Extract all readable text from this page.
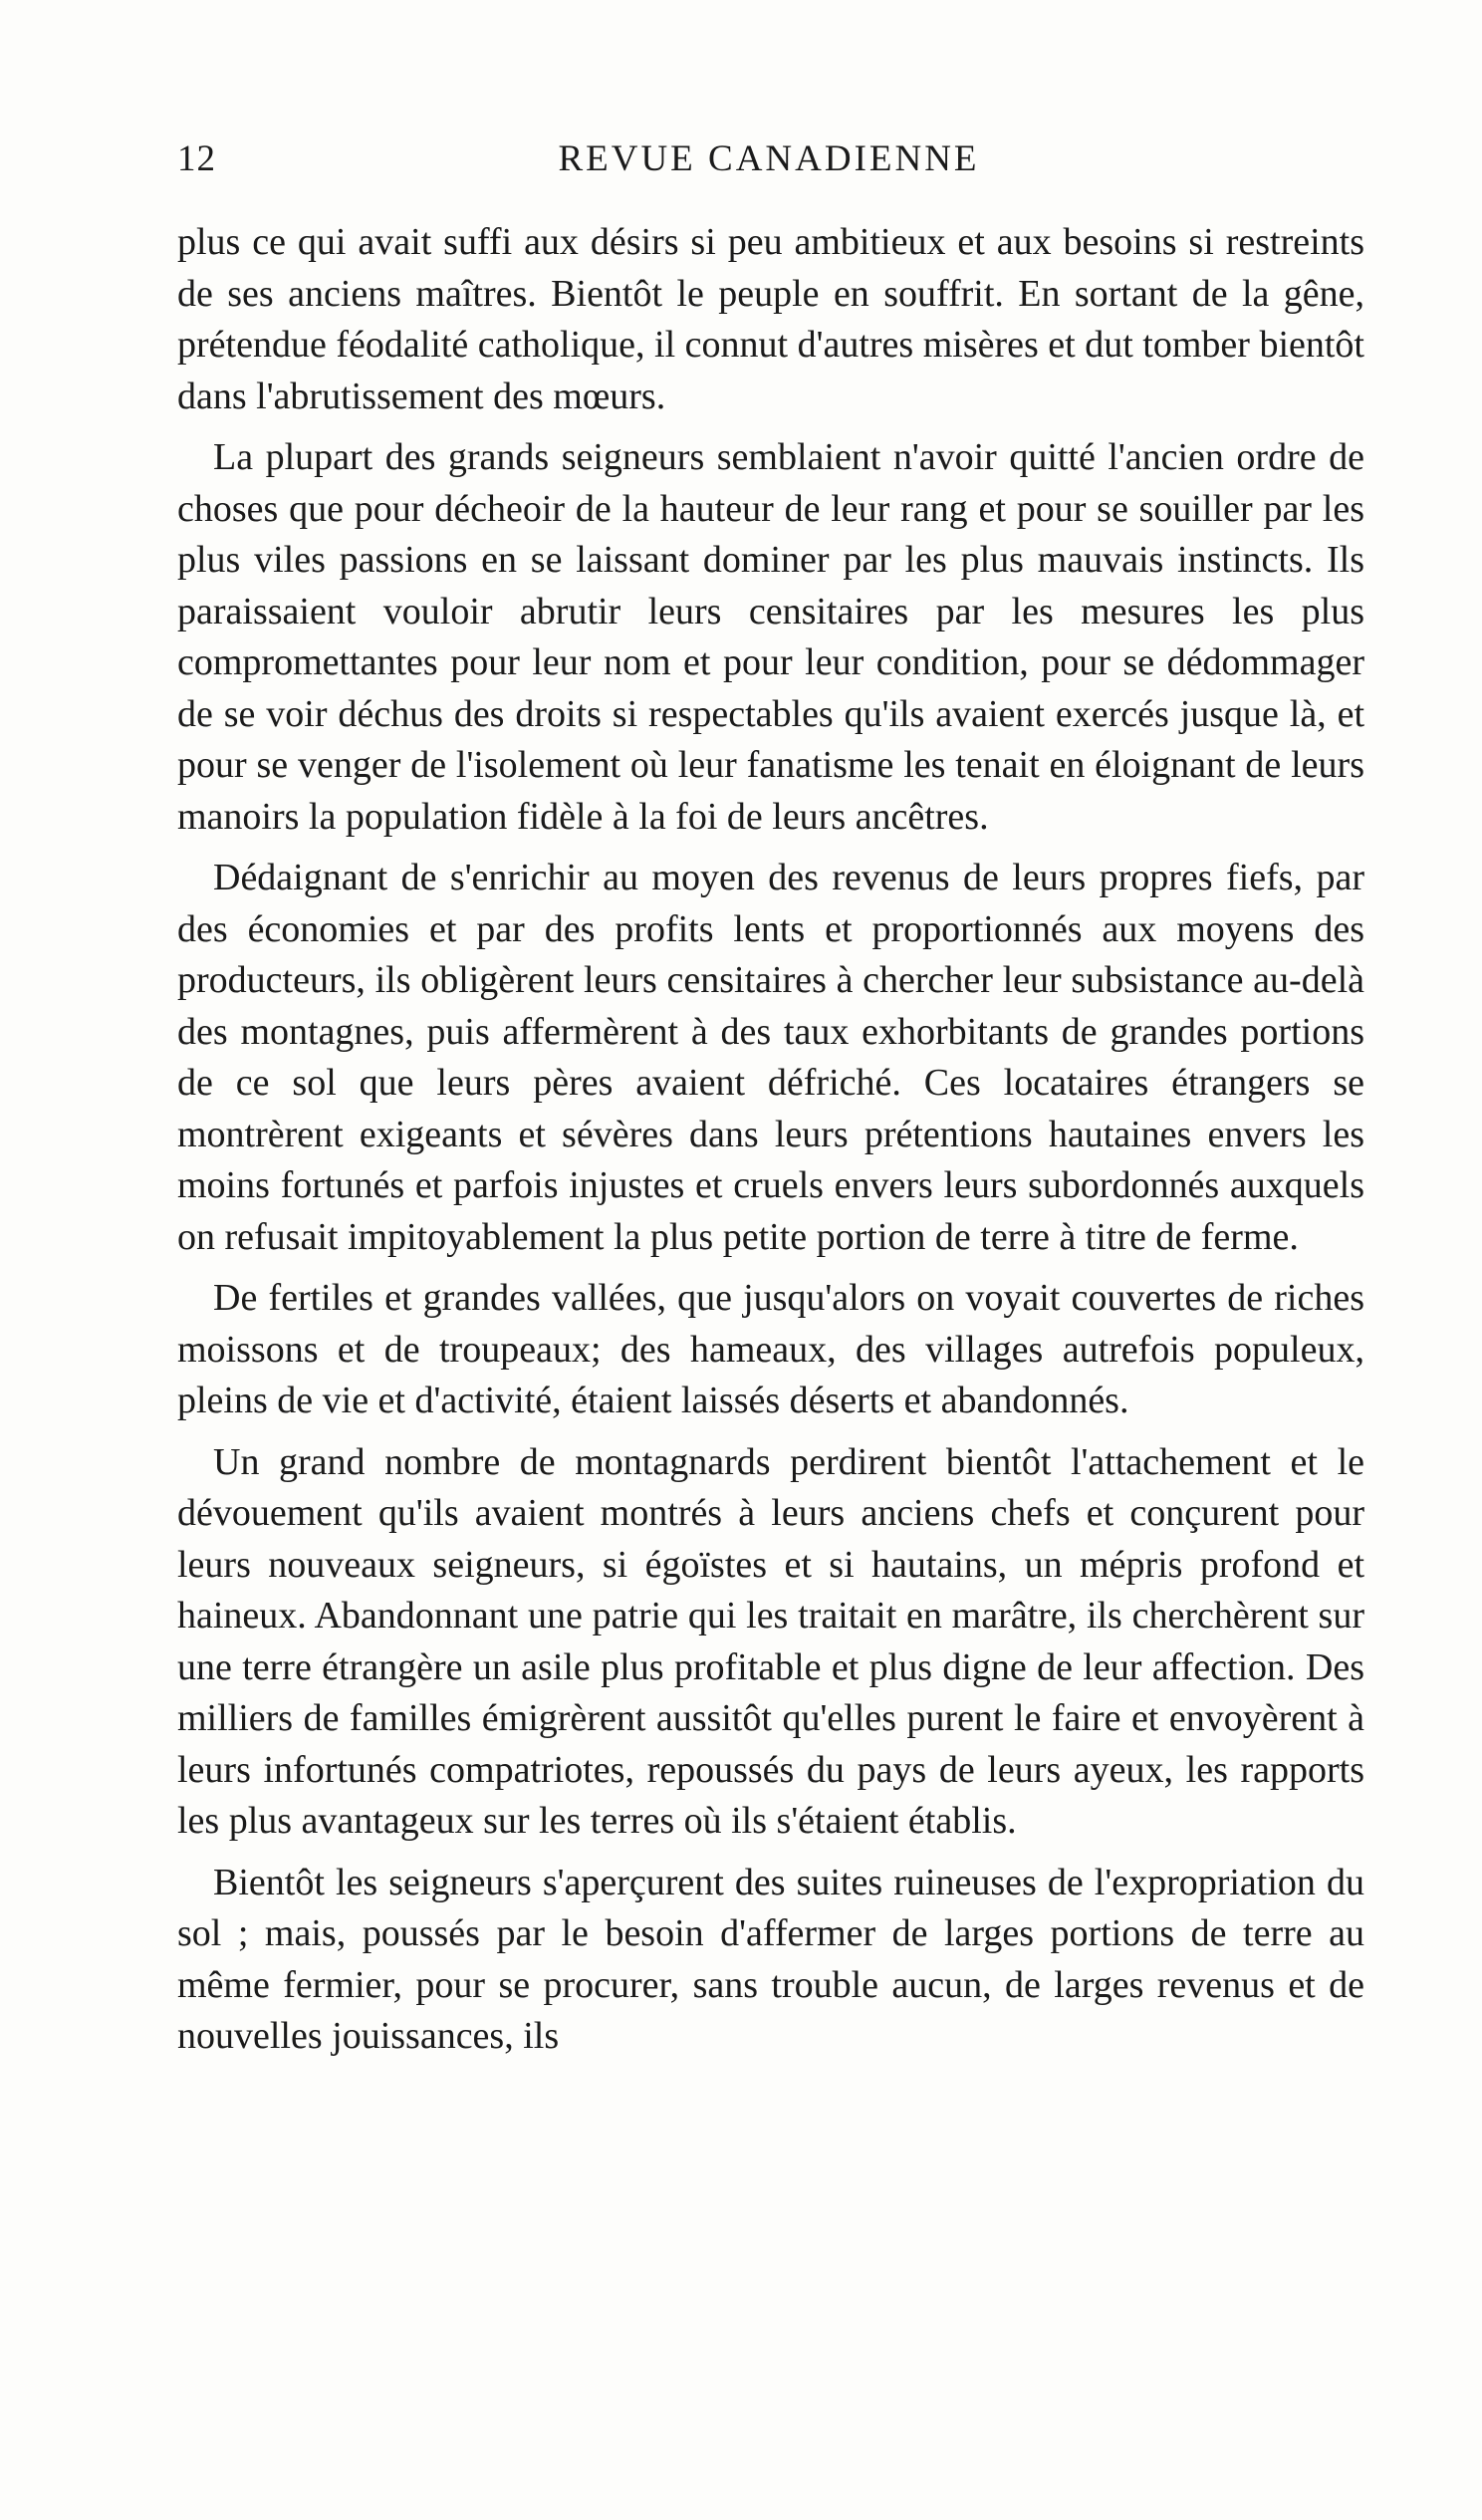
12	REVUE CANADIENNE

plus ce qui avait suffi aux désirs si peu ambitieux et aux besoins si restreints de ses anciens maîtres. Bientôt le peuple en souffrit. En sortant de la gêne, prétendue féodalité catholique, il connut d'autres misères et dut tomber bientôt dans l'abrutissement des mœurs.

La plupart des grands seigneurs semblaient n'avoir quitté l'ancien ordre de choses que pour décheoir de la hauteur de leur rang et pour se souiller par les plus viles passions en se laissant dominer par les plus mauvais instincts. Ils paraissaient vouloir abrutir leurs censitaires par les mesures les plus compromettantes pour leur nom et pour leur condition, pour se dédommager de se voir déchus des droits si respectables qu'ils avaient exercés jusque là, et pour se venger de l'isolement où leur fanatisme les tenait en éloignant de leurs manoirs la population fidèle à la foi de leurs ancêtres.

Dédaignant de s'enrichir au moyen des revenus de leurs propres fiefs, par des économies et par des profits lents et proportionnés aux moyens des producteurs, ils obligèrent leurs censitaires à chercher leur subsistance au-delà des montagnes, puis affermèrent à des taux exhorbitants de grandes portions de ce sol que leurs pères avaient défriché. Ces locataires étrangers se montrèrent exigeants et sévères dans leurs prétentions hautaines envers les moins fortunés et parfois injustes et cruels envers leurs subordonnés auxquels on refusait impitoyablement la plus petite portion de terre à titre de ferme.

De fertiles et grandes vallées, que jusqu'alors on voyait couvertes de riches moissons et de troupeaux; des hameaux, des villages autrefois populeux, pleins de vie et d'activité, étaient laissés déserts et abandonnés.

Un grand nombre de montagnards perdirent bientôt l'attachement et le dévouement qu'ils avaient montrés à leurs anciens chefs et conçurent pour leurs nouveaux seigneurs, si égoïstes et si hautains, un mépris profond et haineux. Abandonnant une patrie qui les traitait en marâtre, ils cherchèrent sur une terre étrangère un asile plus profitable et plus digne de leur affection. Des milliers de familles émigrèrent aussitôt qu'elles purent le faire et envoyèrent à leurs infortunés compatriotes, repoussés du pays de leurs ayeux, les rapports les plus avantageux sur les terres où ils s'étaient établis.

Bientôt les seigneurs s'aperçurent des suites ruineuses de l'expropriation du sol ; mais, poussés par le besoin d'affermer de larges portions de terre au même fermier, pour se procurer, sans trouble aucun, de larges revenus et de nouvelles jouissances, ils
